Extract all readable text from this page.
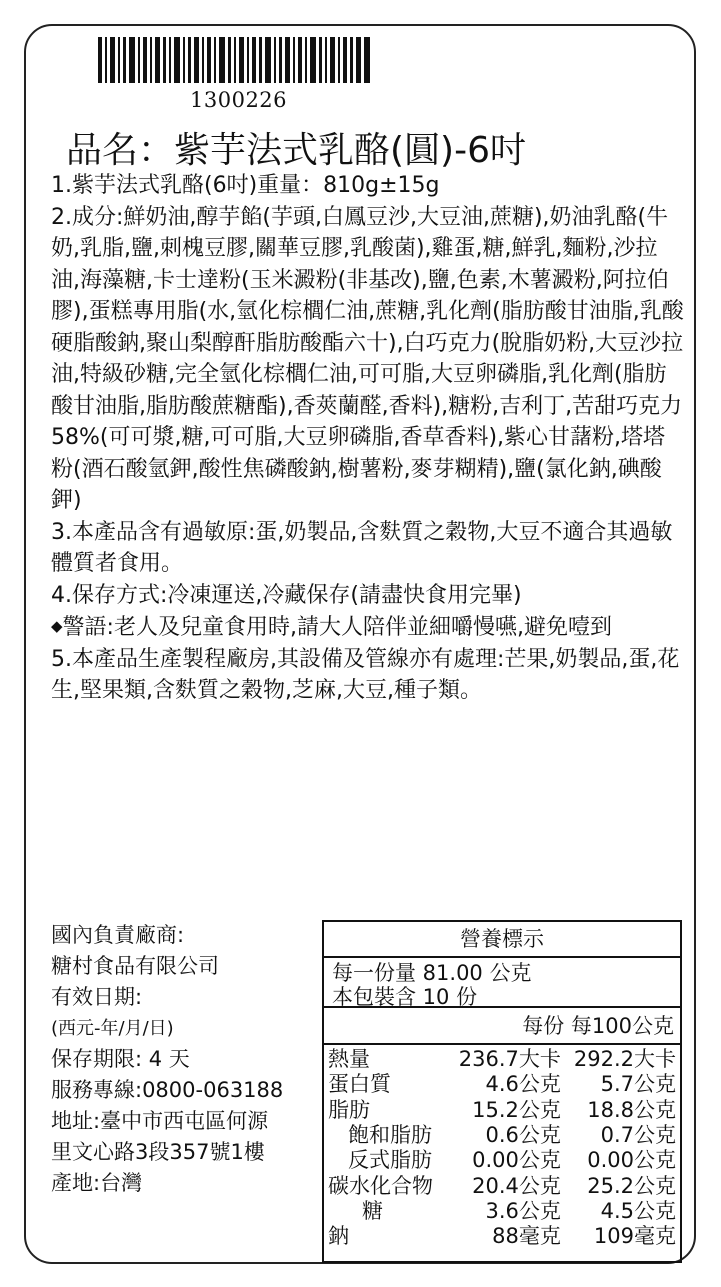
1300226
品名：紫芋法式乳酪(圓)-6吋

1.紫芋法式乳酪(6吋)重量：810g±15g

2.成分:鮮奶油,醇芋餡(芋頭,白鳳豆沙,大豆油,蔗糖),奶油乳酪(牛奶,乳脂,鹽,刺槐豆膠,關華豆膠,乳酸菌),雞蛋,糖,鮮乳,麵粉,沙拉油,海藻糖,卡士達粉(玉米澱粉(非基改),鹽,色素,木薯澱粉,阿拉伯膠),蛋糕專用脂(水,氫化棕櫚仁油,蔗糖,乳化劑(脂肪酸甘油脂,乳酸硬脂酸鈉,聚山梨醇酐脂肪酸酯六十),白巧克力(脫脂奶粉,大豆沙拉油,特級砂糖,完全氫化棕櫚仁油,可可脂,大豆卵磷脂,乳化劑(脂肪酸甘油脂,脂肪酸蔗糖酯),香莢蘭醛,香料),糖粉,吉利丁,苦甜巧克力58%(可可漿,糖,可可脂,大豆卵磷脂,香草香料),紫心甘藷粉,塔塔粉(酒石酸氫鉀,酸性焦磷酸鈉,樹薯粉,麥芽糊精),鹽(氯化鈉,碘酸鉀)

3.本產品含有過敏原:蛋,奶製品,含麩質之穀物,大豆不適合其過敏體質者食用。

4.保存方式:冷凍運送,冷藏保存(請盡快食用完畢)

◆警語:老人及兒童食用時,請大人陪伴並細嚼慢嚥,避免噎到

5.本產品生產製程廠房,其設備及管線亦有處理:芒果,奶製品,蛋,花生,堅果類,含麩質之穀物,芝麻,大豆,種子類。

國內負責廠商:
糖村食品有限公司
有效日期:
(西元-年/月/日)
保存期限: 4 天
服務專線:0800-063188
地址:臺中市西屯區何源
里文心路3段357號1樓
產地:台灣
營養標示
每一份量 81.00 公克
本包裝含 10 份
每份 每100公克
熱量	236.7大卡	292.2大卡
蛋白質	4.6公克	5.7公克
脂肪	15.2公克	18.8公克
飽和脂肪	0.6公克	0.7公克
反式脂肪	0.00公克	0.00公克
碳水化合物	20.4公克	25.2公克
糖	3.6公克	4.5公克
鈉	88毫克	109毫克
